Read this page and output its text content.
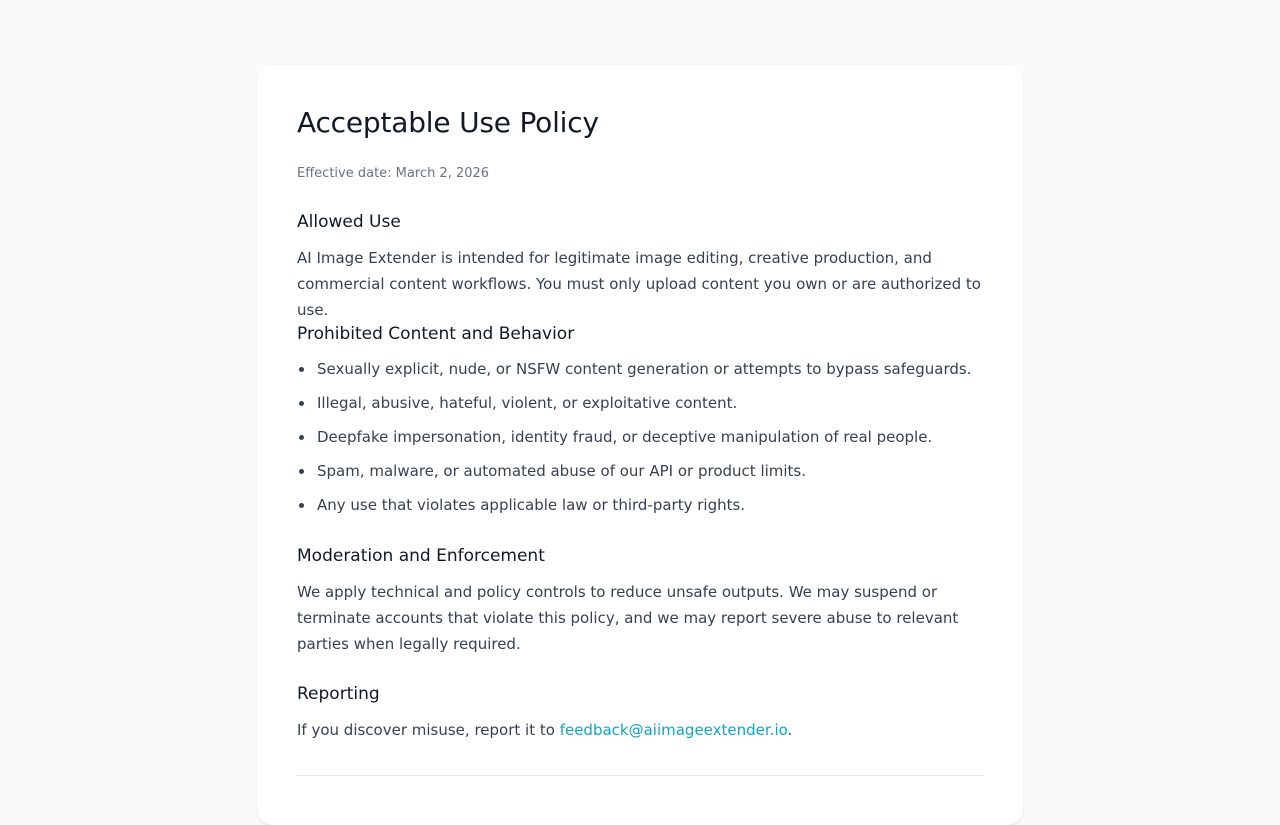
Acceptable Use Policy

Effective date: March 2, 2026

Allowed Use

AI Image Extender is intended for legitimate image editing, creative production, and commercial content workflows. You must only upload content you own or are authorized to use.

Prohibited Content and Behavior
Sexually explicit, nude, or NSFW content generation or attempts to bypass safeguards.
Illegal, abusive, hateful, violent, or exploitative content.
Deepfake impersonation, identity fraud, or deceptive manipulation of real people.
Spam, malware, or automated abuse of our API or product limits.
Any use that violates applicable law or third-party rights.
Moderation and Enforcement

We apply technical and policy controls to reduce unsafe outputs. We may suspend or terminate accounts that violate this policy, and we may report severe abuse to relevant parties when legally required.

Reporting

If you discover misuse, report it to feedback@aiimageextender.io.
